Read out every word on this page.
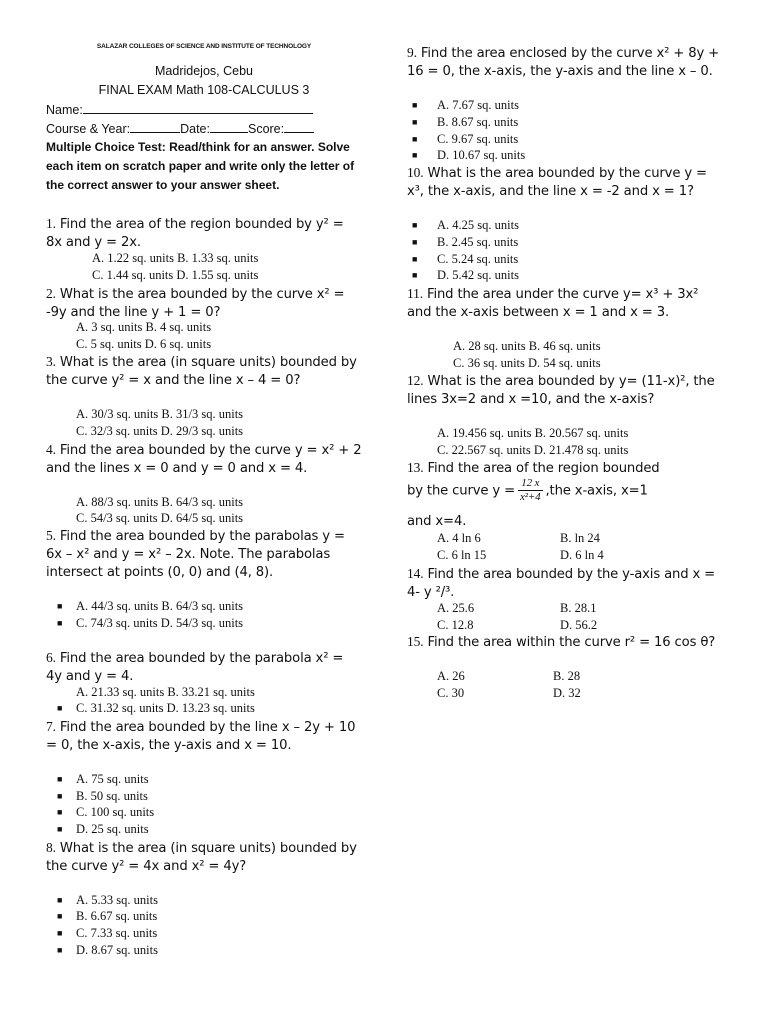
SALAZAR COLLEGES OF SCIENCE AND INSTITUTE OF TECHNOLOGY
Madridejos, Cebu
FINAL EXAM Math 108-CALCULUS 3
Name:
Course & Year:	Date:	Score:
Multiple Choice Test: Read/think for an answer. Solve each item on scratch paper and write only the letter of the correct answer to your answer sheet.
1. Find the area of the region bounded by y² = 8x and y = 2x.
A. 1.22 sq. units B. 1.33 sq. units
C. 1.44 sq. units D. 1.55 sq. units
2. What is the area bounded by the curve x² = -9y and the line y + 1 = 0?
A. 3 sq. units B. 4 sq. units
C. 5 sq. units D. 6 sq. units
3. What is the area (in square units) bounded by the curve y² = x and the line x – 4 = 0?
A. 30/3 sq. units B. 31/3 sq. units
C. 32/3 sq. units D. 29/3 sq. units
4. Find the area bounded by the curve y = x² + 2 and the lines x = 0 and y = 0 and x = 4.
A. 88/3 sq. units B. 64/3 sq. units
C. 54/3 sq. units D. 64/5 sq. units
5. Find the area bounded by the parabolas y = 6x – x² and y = x² – 2x. Note. The parabolas intersect at points (0, 0) and (4, 8).
■ A. 44/3 sq. units B. 64/3 sq. units
■ C. 74/3 sq. units D. 54/3 sq. units
6. Find the area bounded by the parabola x² = 4y and y = 4.
A. 21.33 sq. units B. 33.21 sq. units
■ C. 31.32 sq. units D. 13.23 sq. units
7. Find the area bounded by the line x – 2y + 10 = 0, the x-axis, the y-axis and x = 10.
■ A. 75 sq. units
■ B. 50 sq. units
■ C. 100 sq. units
■ D. 25 sq. units
8. What is the area (in square units) bounded by the curve y² = 4x and x² = 4y?
■ A. 5.33 sq. units
■ B. 6.67 sq. units
■ C. 7.33 sq. units
■ D. 8.67 sq. units
9. Find the area enclosed by the curve x² + 8y + 16 = 0, the x-axis, the y-axis and the line x – 0.
■ A. 7.67 sq. units
■ B. 8.67 sq. units
■ C. 9.67 sq. units
■ D. 10.67 sq. units
10. What is the area bounded by the curve y = x³, the x-axis, and the line x = -2 and x = 1?
■ A. 4.25 sq. units
■ B. 2.45 sq. units
■ C. 5.24 sq. units
■ D. 5.42 sq. units
11. Find the area under the curve y= x³ + 3x² and the x-axis between x = 1 and x = 3.
A. 28 sq. units B. 46 sq. units
C. 36 sq. units D. 54 sq. units
12. What is the area bounded by y= (11-x)², the lines 3x=2 and x =10, and the x-axis?
A. 19.456 sq. units B. 20.567 sq. units
C. 22.567 sq. units D. 21.478 sq. units
13. Find the area of the region bounded
by the curve $y = \frac{12 x}{\text{x²+4}} ,the$ x-axis, x=1
and x=4.
A. 4 ln 6	B. ln 24
C. 6 ln 15	D. 6 ln 4
14. Find the area bounded by the y-axis and x = 4- y ²/³.
A. 25.6	B. 28.1
C. 12.8	D. 56.2
15. Find the area within the curve r² = 16 cos θ?
A. 26	B. 28
C. 30	D. 32
